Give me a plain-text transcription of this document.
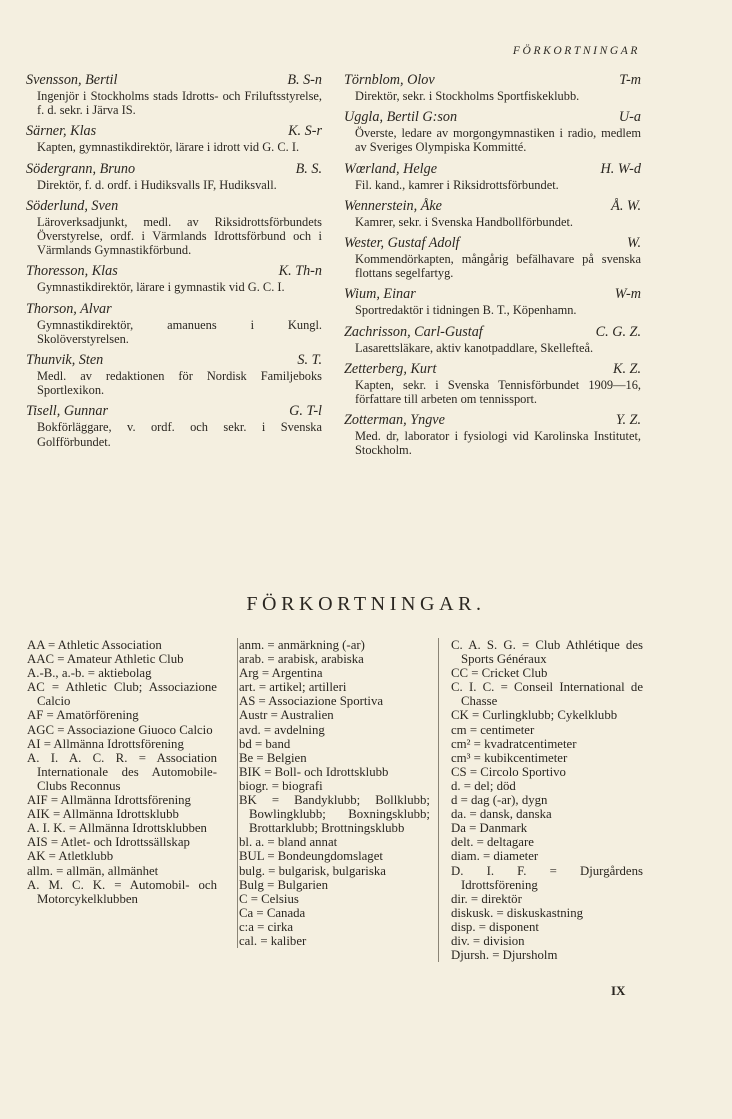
FÖRKORTNINGAR
Svensson, Bertil	B. S-n
Ingenjör i Stockholms stads Idrotts- och Friluftsstyrelse, f. d. sekr. i Järva IS.
Särner, Klas	K. S-r
Kapten, gymnastikdirektör, lärare i idrott vid G. C. I.
Södergrann, Bruno	B. S.
Direktör, f. d. ordf. i Hudiksvalls IF, Hudiksvall.
Söderlund, Sven
Läroverksadjunkt, medl. av Riksidrottsförbundets Överstyrelse, ordf. i Värmlands Idrottsförbund och i Värmlands Gymnastikförbund.
Thoresson, Klas	K. Th-n
Gymnastikdirektör, lärare i gymnastik vid G. C. I.
Thorson, Alvar
Gymnastikdirektör, amanuens i Kungl. Skolöverstyrelsen.
Thunvik, Sten	S. T.
Medl. av redaktionen för Nordisk Familjeboks Sportlexikon.
Tisell, Gunnar	G. T-l
Bokförläggare, v. ordf. och sekr. i Svenska Golfförbundet.
Törnblom, Olov	T-m
Direktör, sekr. i Stockholms Sportfiskeklubb.
Uggla, Bertil G:son	U-a
Överste, ledare av morgongymnastiken i radio, medlem av Sveriges Olympiska Kommitté.
Wœrland, Helge	H. W-d
Fil. kand., kamrer i Riksidrottsförbundet.
Wennerstein, Åke	Å. W.
Kamrer, sekr. i Svenska Handbollförbundet.
Wester, Gustaf Adolf	W.
Kommendörkapten, mångårig befälhavare på svenska flottans segelfartyg.
Wium, Einar	W-m
Sportredaktör i tidningen B. T., Köpenhamn.
Zachrisson, Carl-Gustaf	C. G. Z.
Lasarettsläkare, aktiv kanotpaddlare, Skellefteå.
Zetterberg, Kurt	K. Z.
Kapten, sekr. i Svenska Tennisförbundet 1909—16, författare till arbeten om tennissport.
Zotterman, Yngve	Y. Z.
Med. dr, laborator i fysiologi vid Karolinska Institutet, Stockholm.
FÖRKORTNINGAR.
AA = Athletic Association
AAC = Amateur Athletic Club
A.-B., a.-b. = aktiebolag
AC = Athletic Club; Associazione Calcio
AF = Amatörförening
AGC = Associazione Giuoco Calcio
AI = Allmänna Idrottsförening
A. I. A. C. R. = Association Internationale des Automobile-Clubs Reconnus
AIF = Allmänna Idrottsförening
AIK = Allmänna Idrottsklubb
A. I. K. = Allmänna Idrottsklubben
AIS = Atlet- och Idrottssällskap
AK = Atletklubb
allm. = allmän, allmänhet
A. M. C. K. = Automobil- och Motorcykelklubben
anm. = anmärkning (-ar)
arab. = arabisk, arabiska
Arg = Argentina
art. = artikel; artilleri
AS = Associazione Sportiva
Austr = Australien
avd. = avdelning
bd = band
Be = Belgien
BIK = Boll- och Idrottsklubb
biogr. = biografi
BK = Bandyklubb; Bollklubb; Bowlingklubb; Boxningsklubb; Brottarklubb; Brottningsklubb
bl. a. = bland annat
BUL = Bondeungdomslaget
bulg. = bulgarisk, bulgariska
Bulg = Bulgarien
C = Celsius
Ca = Canada
c:a = cirka
cal. = kaliber
C. A. S. G. = Club Athlétique des Sports Généraux
CC = Cricket Club
C. I. C. = Conseil International de Chasse
CK = Curlingklubb; Cykelklubb
cm = centimeter
cm² = kvadratcentimeter
cm³ = kubikcentimeter
CS = Circolo Sportivo
d. = del; död
d = dag (-ar), dygn
da. = dansk, danska
Da = Danmark
delt. = deltagare
diam. = diameter
D. I. F. = Djurgårdens Idrottsförening
dir. = direktör
diskusk. = diskuskastning
disp. = disponent
div. = division
Djursh. = Djursholm
IX
